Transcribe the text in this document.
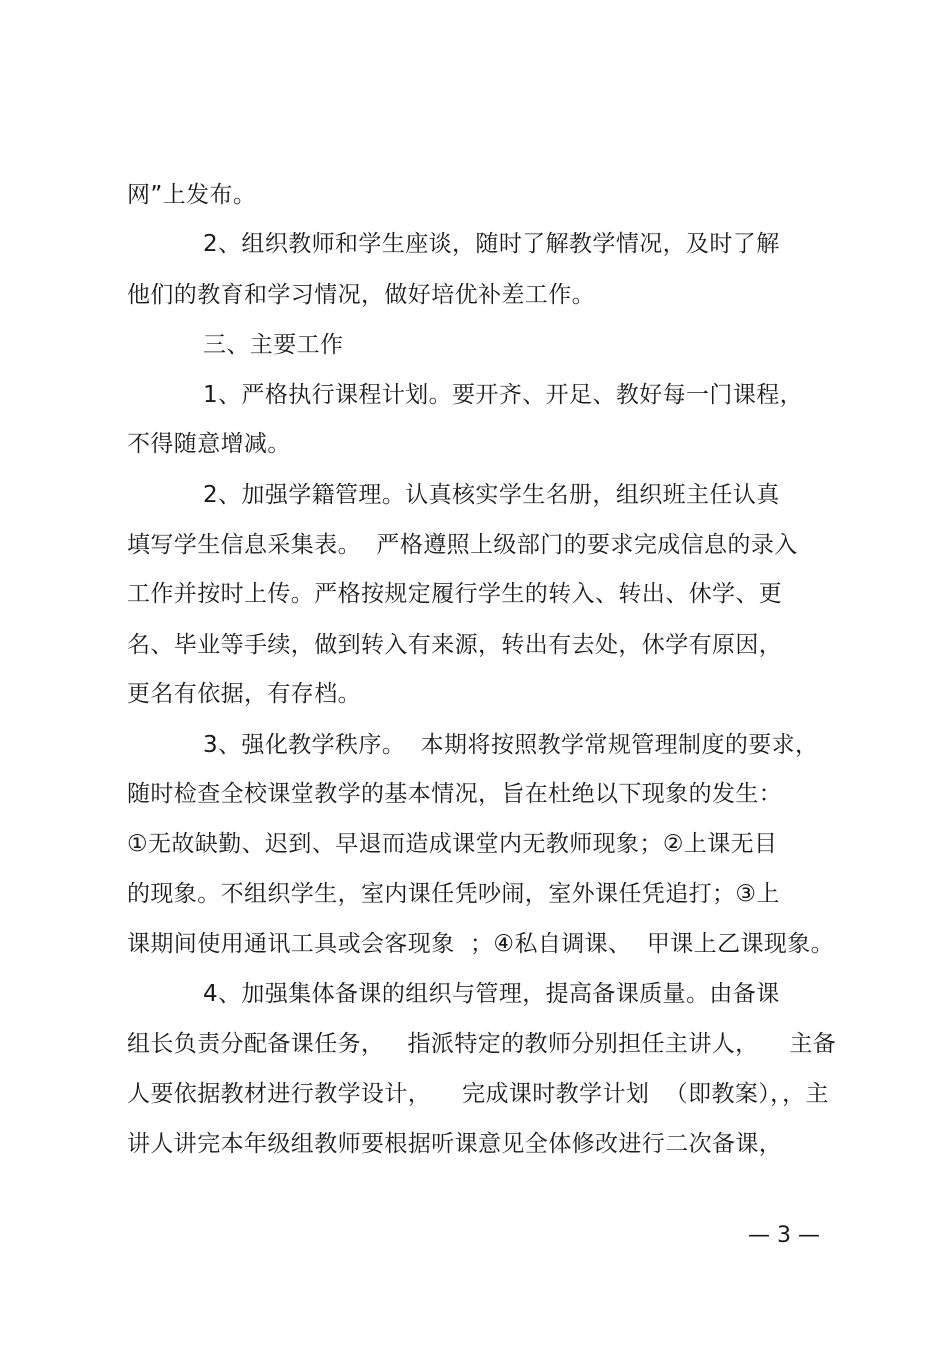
网”上发布。
2、组织教师和学生座谈，随时了解教学情况，及时了解
他们的教育和学习情况，做好培优补差工作。
三、主要工作
1、严格执行课程计划。要开齐、开足、教好每一门课程，
不得随意增减。
2、加强学籍管理。认真核实学生名册，组织班主任认真
填写学生信息采集表。  严格遵照上级部门的要求完成信息的录入
工作并按时上传。严格按规定履行学生的转入、转出、休学、更
名、毕业等手续，做到转入有来源，转出有去处，休学有原因，
更名有依据，有存档。
3、强化教学秩序。  本期将按照教学常规管理制度的要求，
随时检查全校课堂教学的基本情况，旨在杜绝以下现象的发生：
①无故缺勤、迟到、早退而造成课堂内无教师现象；②上课无目
的现象。不组织学生，室内课任凭吵闹，室外课任凭追打；③上
课期间使用通讯工具或会客现象  ；④私自调课、  甲课上乙课现象。
4、加强集体备课的组织与管理，提高备课质量。由备课
组长负责分配备课任务，   指派特定的教师分别担任主讲人，    主备
人要依据教材进行教学设计，    完成课时教学计划  （即教案），，主
讲人讲完本年级组教师要根据听课意见全体修改进行二次备课，
— 3 —
